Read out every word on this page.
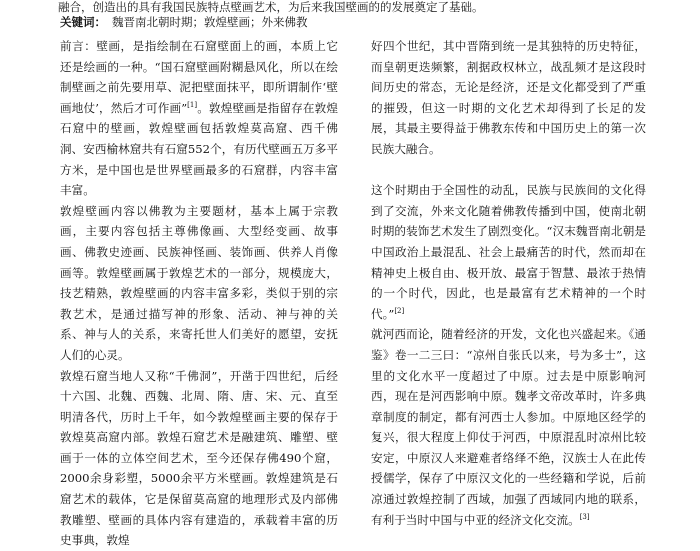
融合，创造出的具有我国民族特点壁画艺术，为后来我国壁画的的发展奠定了基础。
关键词： 魏晋南北朝时期；敦煌壁画；外来佛教

前言：壁画，是指绘制在石窟壁面上的画，本质上它还是绘画的一种。“国石窟壁画附糊悬风化，所以在绘制壁画之前先要用草、泥把壁面抹平，即所谓制作‘壁画地仗’，然后才可作画”[1]。敦煌壁画是指留存在敦煌石窟中的壁画，敦煌壁画包括敦煌莫高窟、西千佛洞、安西榆林窟共有石窟552个，有历代壁画五万多平方米，是中国也是世界壁画最多的石窟群，内容丰富丰富。

敦煌壁画内容以佛教为主要题材，基本上属于宗教画，主要内容包括主尊佛像画、大型经变画、故事画、佛教史迹画、民族神怪画、装饰画、供养人肖像画等。敦煌壁画属于敦煌艺术的一部分，规模庞大，技艺精熟，敦煌壁画的内容丰富多彩，类似于别的宗教艺术，是通过描写神的形象、活动、神与神的关系、神与人的关系，来寄托世人们美好的愿望，安抚人们的心灵。

敦煌石窟当地人又称“千佛洞”，开凿于四世纪，后经十六国、北魏、西魏、北周、隋、唐、宋、元、直至明清各代，历时上千年，如今敦煌壁画主要的保存于敦煌莫高窟内部。敦煌石窟艺术是融建筑、雕塑、壁画于一体的立体空间艺术，至今还保存佛490个窟，2000余身彩塑，5000余平方米壁画。敦煌建筑是石窟艺术的载体，它是保留莫高窟的地理形式及内部佛教雕塑、壁画的具体内容有建造的，承载着丰富的历史事典，敦煌

好四个世纪，其中晋隋到统一是其独特的历史特征，而皇朝更迭频繁，割据政权林立，战乱频才是这段时间历史的常态，无论是经济，还是文化都受到了严重的摧毁，但这一时期的文化艺术却得到了长足的发展，其最主要得益于佛教东传和中国历史上的第一次民族大融合。

这个时期由于全国性的动乱，民族与民族间的文化得到了交流，外来文化随着佛教传播到中国，使南北朝时期的装饰艺术发生了剧烈变化。“汉末魏晋南北朝是中国政治上最混乱、社会上最痛苦的时代，然而却在精神史上极自由、极开放、最富于智慧、最浓于热情的一个时代，因此，也是最富有艺术精神的一个时代。”[2]

就河西而论，随着经济的开发，文化也兴盛起来。《通鉴》卷一二三曰：“凉州自张氏以来，号为多士”，这里的文化水平一度超过了中原。过去是中原影响河西，现在是河西影响中原。魏孝文帝改革时，许多典章制度的制定，都有河西士人参加。中原地区经学的复兴，很大程度上仰仗于河西，中原混乱时凉州比较安定，中原汉人来避难者络绎不绝，汉族士人在此传授儒学，保存了中原汉文化的一些经籍和学说，后前凉通过敦煌控制了西域，加强了西域同内地的联系，有利于当时中国与中亚的经济文化交流。[3]
